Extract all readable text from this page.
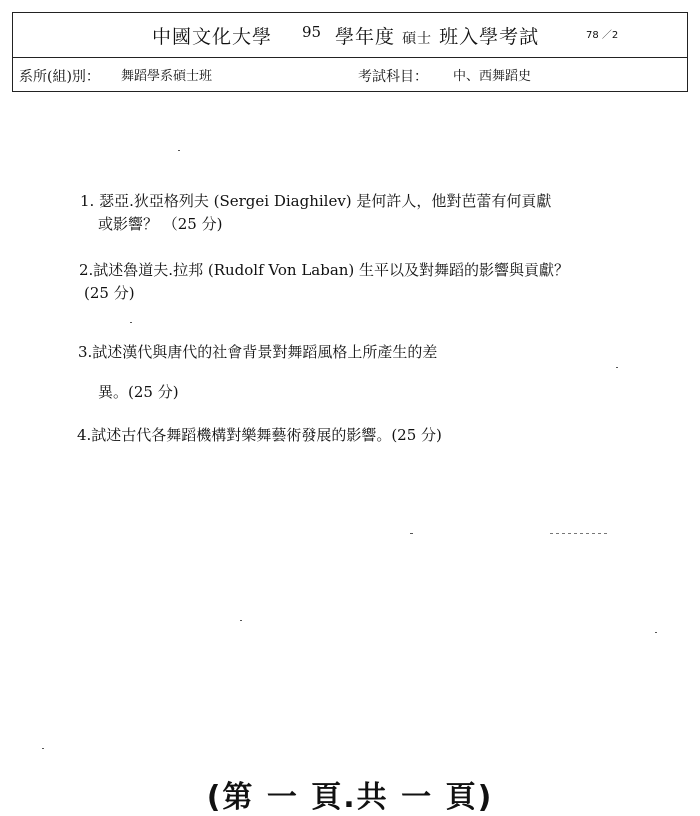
中國文化大學 95 學年度 碩士 班入學考試	78 ／2
系所(組)別： 舞蹈學系碩士班	考試科目： 中、西舞蹈史
1. 瑟亞.狄亞格列夫 (Sergei Diaghilev) 是何許人，他對芭蕾有何貢獻
或影響？ （25 分)
2.試述魯道夫.拉邦 (Rudolf Von Laban) 生平以及對舞蹈的影響與貢獻？
(25 分)
3.試述漢代與唐代的社會背景對舞蹈風格上所產生的差
異。(25 分)
4.試述古代各舞蹈機構對樂舞藝術發展的影響。(25 分)
(第 一 頁.共 一 頁)
